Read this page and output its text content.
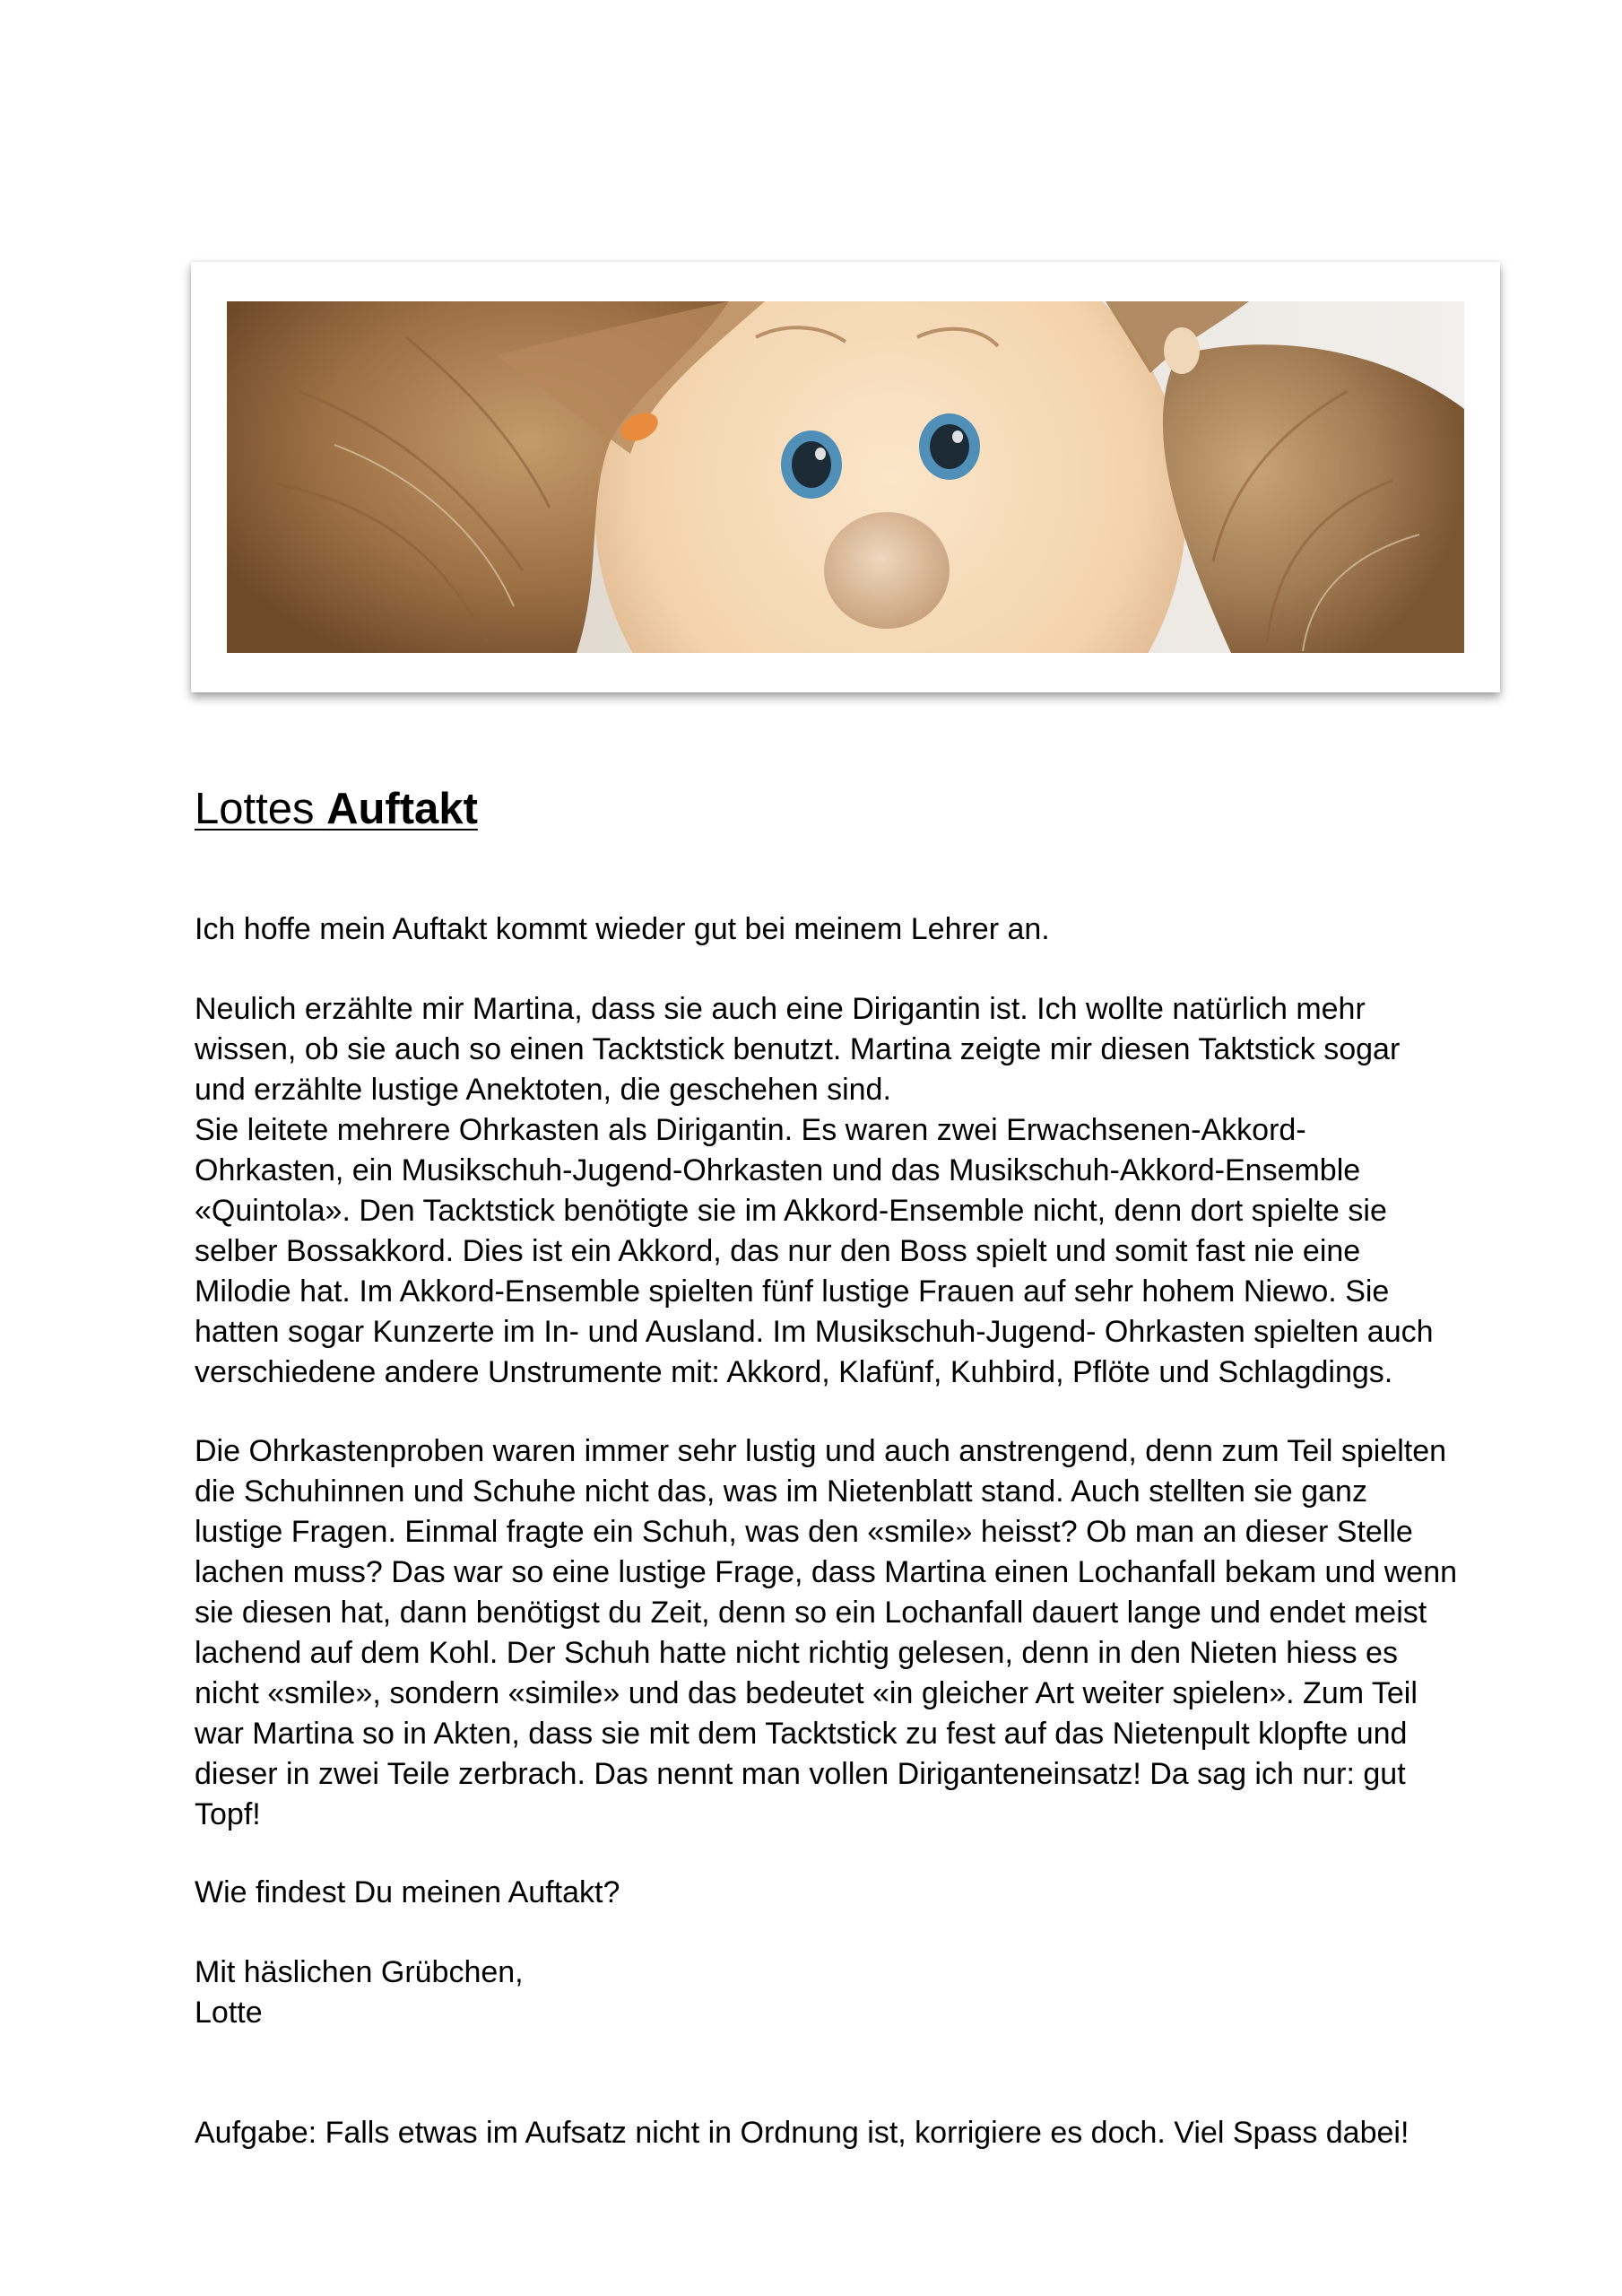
Lottes Auftakt

Ich hoffe mein Auftakt kommt wieder gut bei meinem Lehrer an.

Neulich erzählte mir Martina, dass sie auch eine Dirigantin ist. Ich wollte natürlich mehr

wissen, ob sie auch so einen Tacktstick benutzt. Martina zeigte mir diesen Taktstick sogar

und erzählte lustige Anektoten, die geschehen sind.

Sie leitete mehrere Ohrkasten als Dirigantin. Es waren zwei Erwachsenen-Akkord-

Ohrkasten, ein Musikschuh-Jugend-Ohrkasten und das Musikschuh-Akkord-Ensemble

«Quintola». Den Tacktstick benötigte sie im Akkord-Ensemble nicht, denn dort spielte sie

selber Bossakkord. Dies ist ein Akkord, das nur den Boss spielt und somit fast nie eine

Milodie hat. Im Akkord-Ensemble spielten fünf lustige Frauen auf sehr hohem Niewo. Sie

hatten sogar Kunzerte im In- und Ausland. Im Musikschuh-Jugend- Ohrkasten spielten auch

verschiedene andere Unstrumente mit: Akkord, Klafünf, Kuhbird, Pflöte und Schlagdings.

Die Ohrkastenproben waren immer sehr lustig und auch anstrengend, denn zum Teil spielten

die Schuhinnen und Schuhe nicht das, was im Nietenblatt stand. Auch stellten sie ganz

lustige Fragen. Einmal fragte ein Schuh, was den «smile» heisst? Ob man an dieser Stelle

lachen muss? Das war so eine lustige Frage, dass Martina einen Lochanfall bekam und wenn

sie diesen hat, dann benötigst du Zeit, denn so ein Lochanfall dauert lange und endet meist

lachend auf dem Kohl. Der Schuh hatte nicht richtig gelesen, denn in den Nieten hiess es

nicht «smile», sondern «simile» und das bedeutet «in gleicher Art weiter spielen». Zum Teil

war Martina so in Akten, dass sie mit dem Tacktstick zu fest auf das Nietenpult klopfte und

dieser in zwei Teile zerbrach. Das nennt man vollen Diriganteneinsatz! Da sag ich nur: gut

Topf!

Wie findest Du meinen Auftakt?

Mit häslichen Grübchen,

Lotte

Aufgabe: Falls etwas im Aufsatz nicht in Ordnung ist, korrigiere es doch. Viel Spass dabei!
